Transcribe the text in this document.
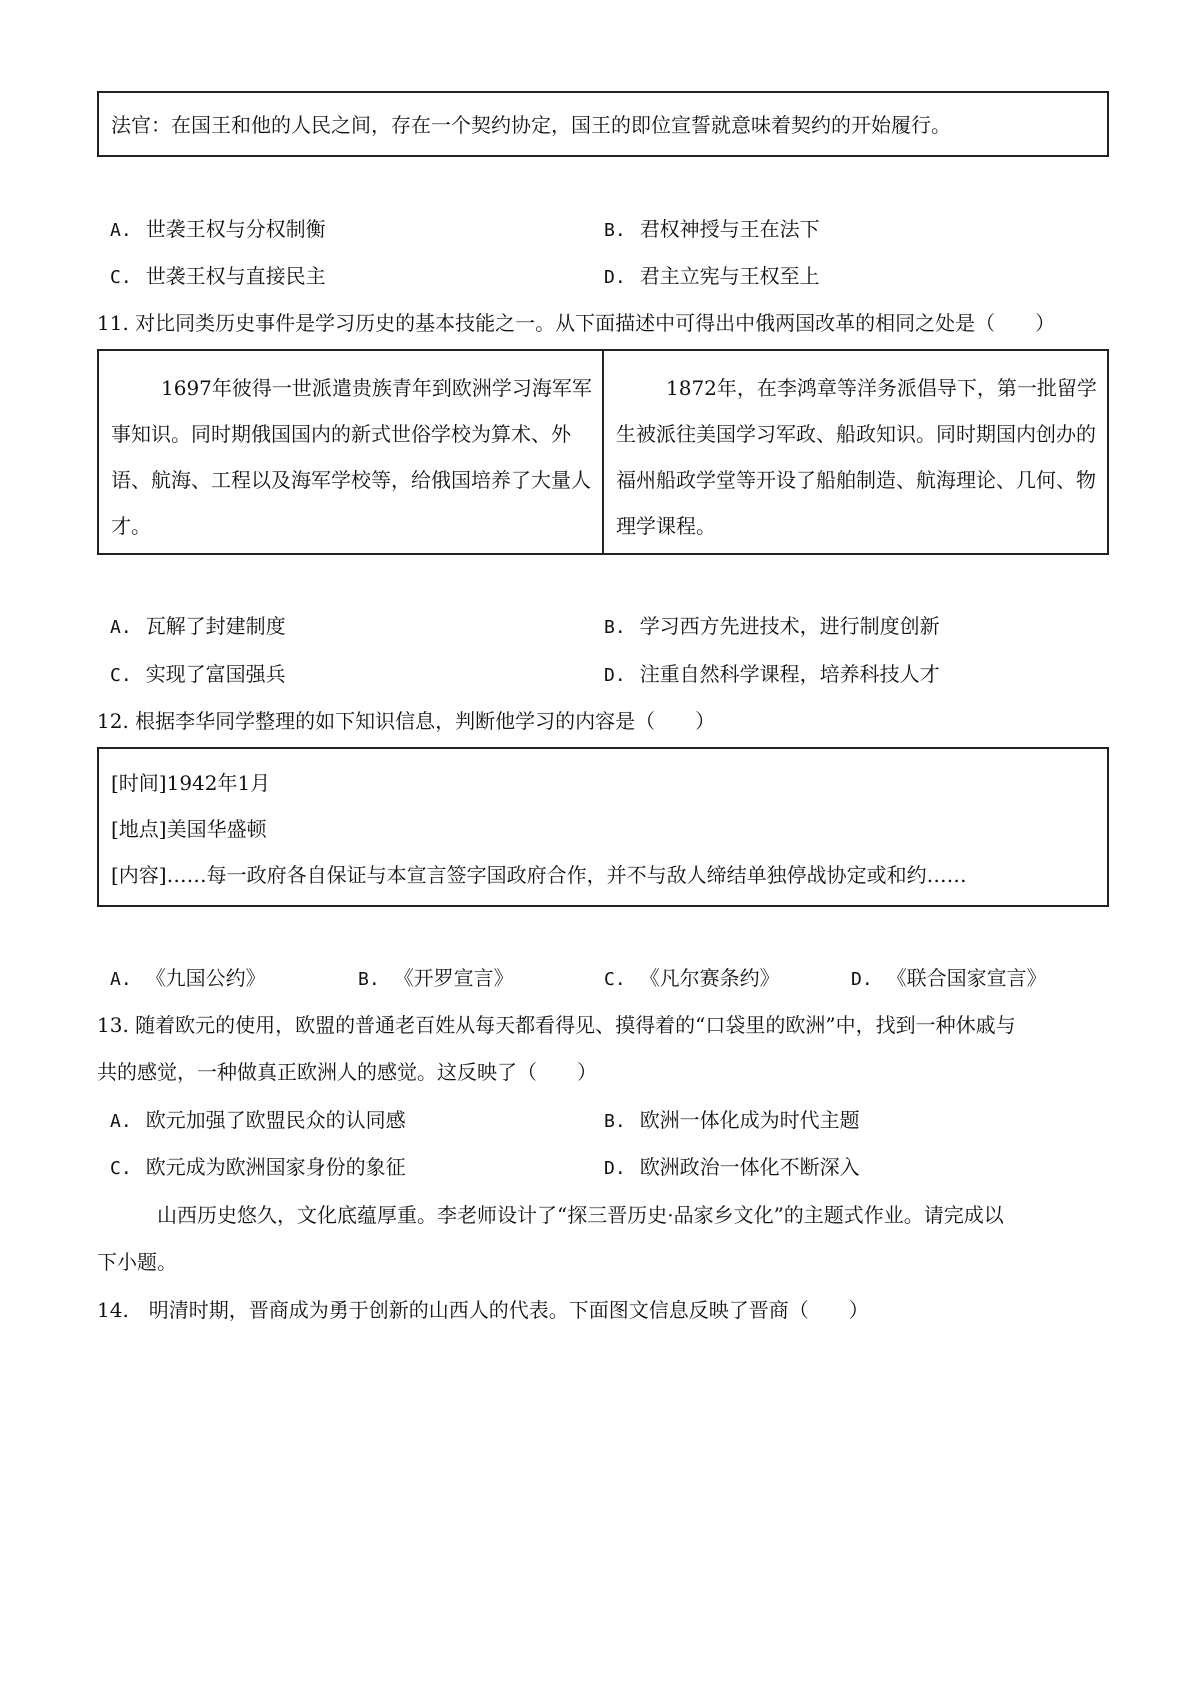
法官：在国王和他的人民之间，存在一个契约协定，国王的即位宣誓就意味着契约的开始履行。
A. 世袭王权与分权制衡	B. 君权神授与王在法下
C. 世袭王权与直接民主	D. 君主立宪与王权至上
11. 对比同类历史事件是学习历史的基本技能之一。从下面描述中可得出中俄两国改革的相同之处是（　　）
1697年彼得一世派遣贵族青年到欧洲学习海军军事知识。同时期俄国国内的新式世俗学校为算术、外语、航海、工程以及海军学校等，给俄国培养了大量人才。
1872年，在李鸿章等洋务派倡导下，第一批留学生被派往美国学习军政、船政知识。同时期国内创办的福州船政学堂等开设了船舶制造、航海理论、几何、物理学课程。
A. 瓦解了封建制度	B. 学习西方先进技术，进行制度创新
C. 实现了富国强兵	D. 注重自然科学课程，培养科技人才
12. 根据李华同学整理的如下知识信息，判断他学习的内容是（　　）
[时间]1942年1月
[地点]美国华盛顿
[内容]……每一政府各自保证与本宣言签字国政府合作，并不与敌人缔结单独停战协定或和约……
A. 《九国公约》	B. 《开罗宣言》	C. 《凡尔赛条约》	D. 《联合国家宣言》
13. 随着欧元的使用，欧盟的普通老百姓从每天都看得见、摸得着的“口袋里的欧洲”中，找到一种休戚与
共的感觉，一种做真正欧洲人的感觉。这反映了（　　）
A. 欧元加强了欧盟民众的认同感	B. 欧洲一体化成为时代主题
C. 欧元成为欧洲国家身份的象征	D. 欧洲政治一体化不断深入
山西历史悠久，文化底蕴厚重。李老师设计了“探三晋历史·品家乡文化”的主题式作业。请完成以
下小题。
14.　明清时期，晋商成为勇于创新的山西人的代表。下面图文信息反映了晋商（　　）
